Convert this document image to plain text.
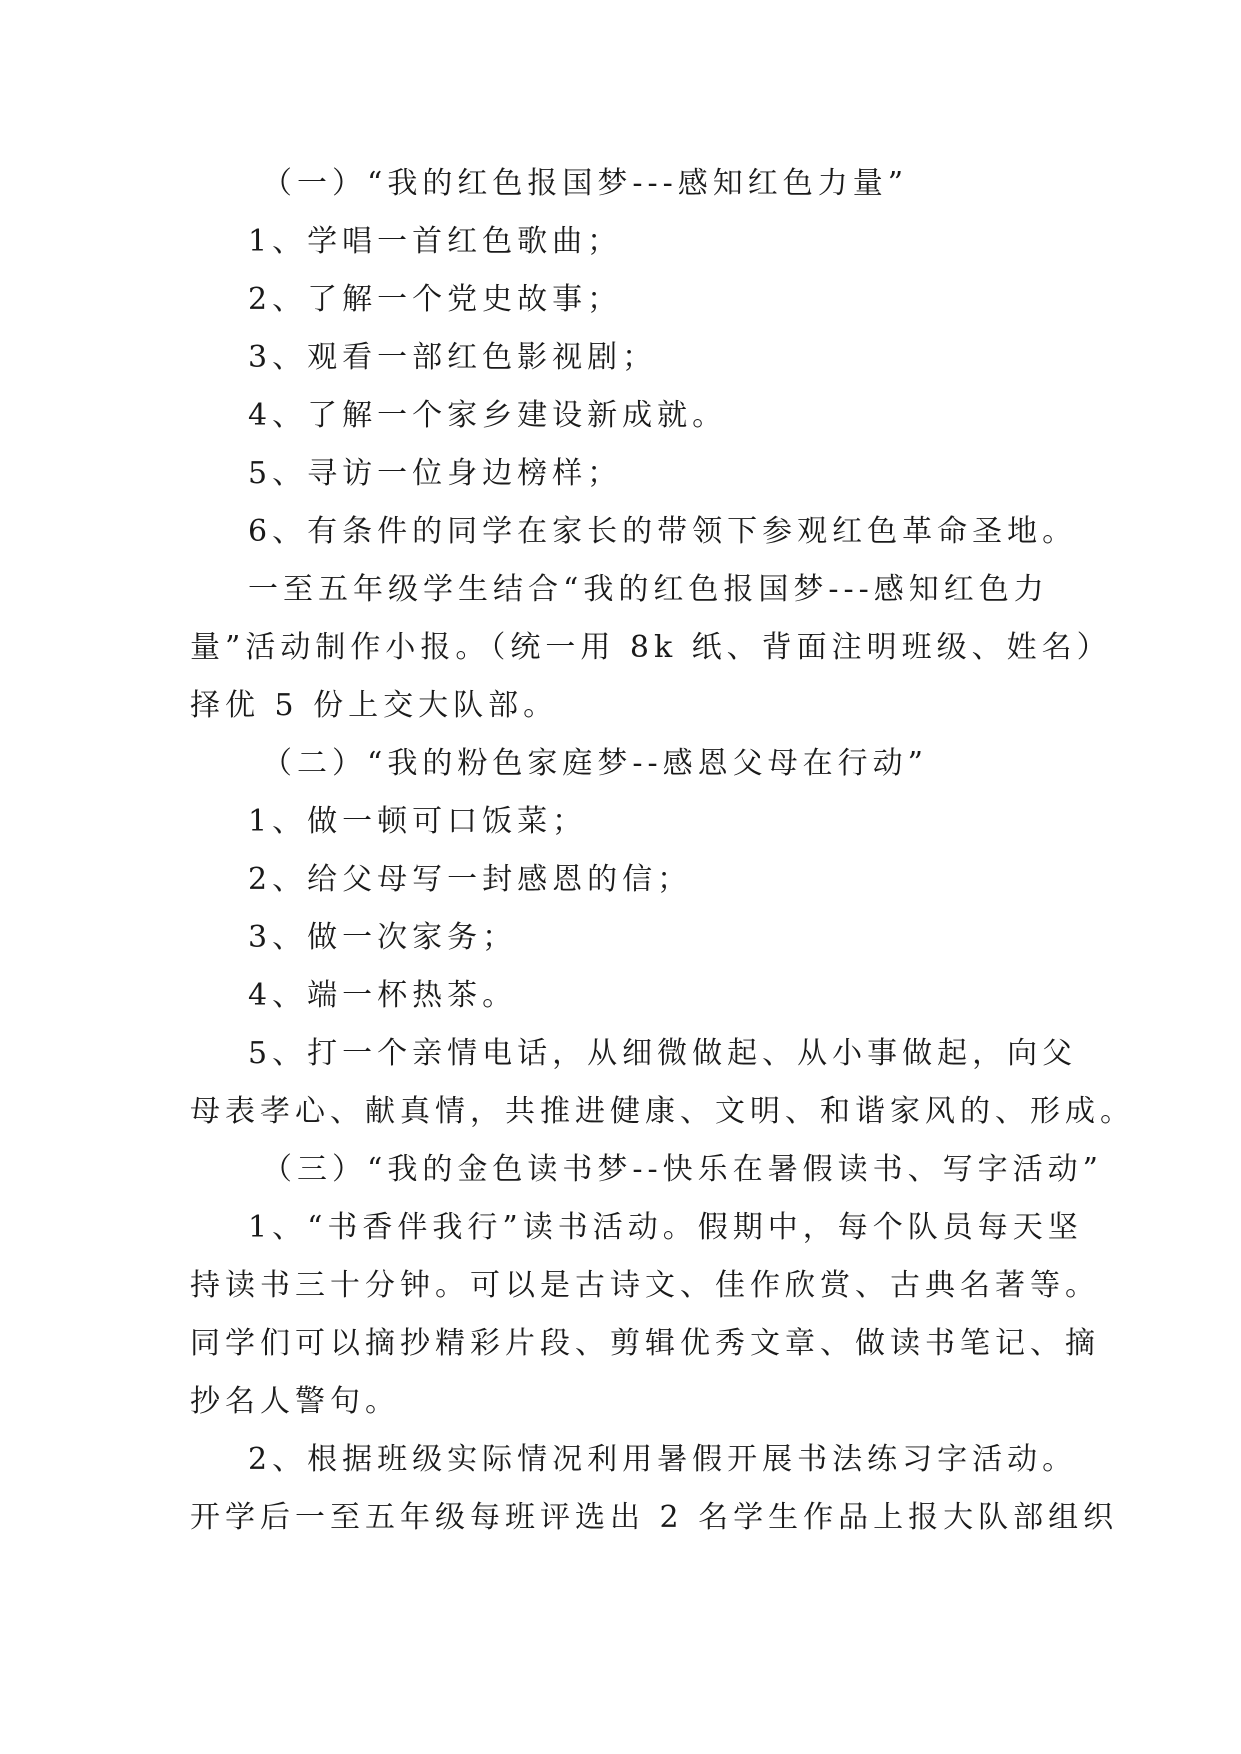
（一）“我的红色报国梦---感知红色力量”
1、学唱一首红色歌曲；
2、了解一个党史故事；
3、观看一部红色影视剧；
4、了解一个家乡建设新成就。
5、寻访一位身边榜样；
6、有条件的同学在家长的带领下参观红色革命圣地。
一至五年级学生结合“我的红色报国梦---感知红色力
量”活动制作小报。（统一用 8k 纸、背面注明班级、姓名）
择优 5 份上交大队部。
（二）“我的粉色家庭梦--感恩父母在行动”
1、做一顿可口饭菜；
2、给父母写一封感恩的信；
3、做一次家务；
4、端一杯热茶。
5、打一个亲情电话，从细微做起、从小事做起，向父
母表孝心、献真情，共推进健康、文明、和谐家风的、形成。
（三）“我的金色读书梦--快乐在暑假读书、写字活动”
1、“书香伴我行”读书活动。假期中，每个队员每天坚
持读书三十分钟。可以是古诗文、佳作欣赏、古典名著等。
同学们可以摘抄精彩片段、剪辑优秀文章、做读书笔记、摘
抄名人警句。
2、根据班级实际情况利用暑假开展书法练习字活动。
开学后一至五年级每班评选出 2 名学生作品上报大队部组织
